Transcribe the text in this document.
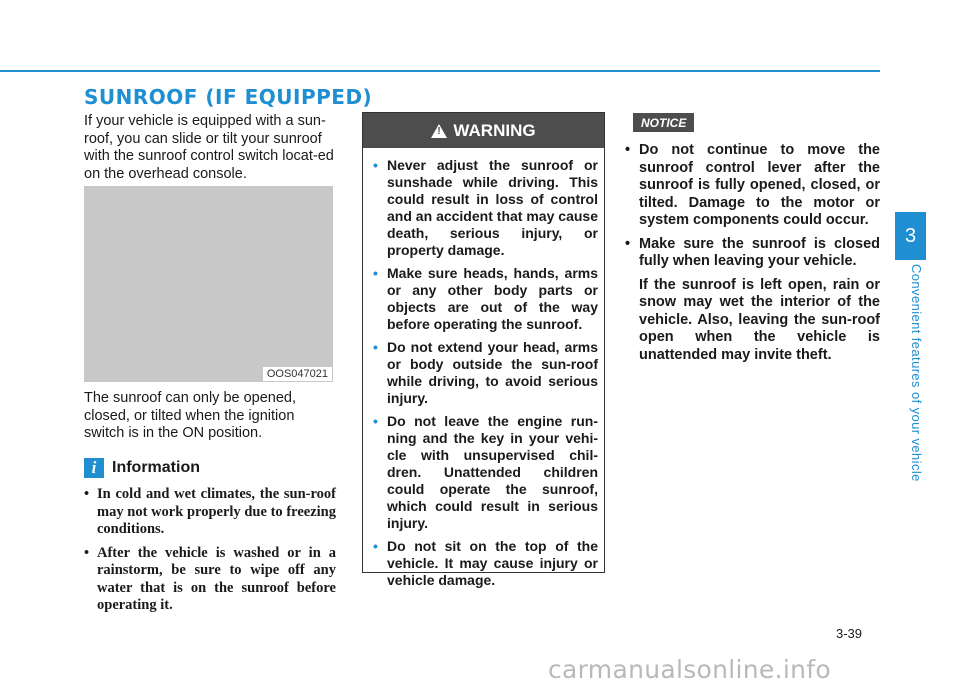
SUNROOF (IF EQUIPPED)

If your vehicle is equipped with a sun-roof, you can slide or tilt your sunroof with the sunroof control switch locat-ed on the overhead console.

OOS047021

The sunroof can only be opened, closed, or tilted when the ignition switch is in the ON position.

i Information
• In cold and wet climates, the sun-roof may not work properly due to freezing conditions.
• After the vehicle is washed or in a rainstorm, be sure to wipe off any water that is on the sunroof before operating it.
!
WARNING
• Never adjust the sunroof or sunshade while driving. This could result in loss of control and an accident that may cause death, serious injury, or property damage.
• Make sure heads, hands, arms or any other body parts or objects are out of the way before operating the sunroof.
• Do not extend your head, arms or body outside the sun-roof while driving, to avoid serious injury.
• Do not leave the engine run-ning and the key in your vehi-cle with unsupervised chil-dren. Unattended children could operate the sunroof, which could result in serious injury.
• Do not sit on the top of the vehicle. It may cause injury or vehicle damage.
NOTICE

• Do not continue to move the sunroof control lever after the sunroof is fully opened, closed, or tilted. Damage to the motor or system components could occur.

• Make sure the sunroof is closed fully when leaving your vehicle.

If the sunroof is left open, rain or snow may wet the interior of the vehicle. Also, leaving the sun-roof open when the vehicle is unattended may invite theft.

3
Convenient features of your vehicle
3-39
carmanualsonline.info
